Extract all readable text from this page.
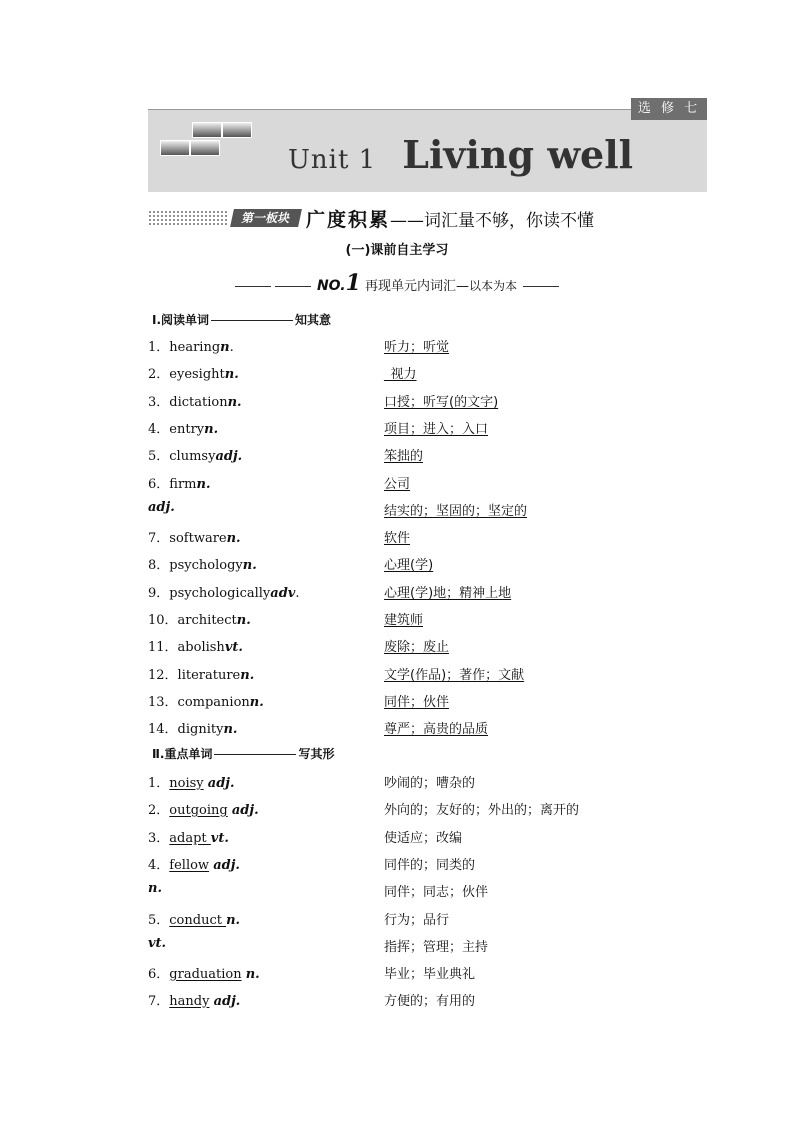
选 修 七
Unit 1 Living well
第一板块 广度积累——词汇量不够，你读不懂
(一)课前自主学习
NO.1 再现单元内词汇—以本为本
Ⅰ.阅读单词	知其意
1．hearingn.	听力；听觉
2．eyesightn.	_视力
3．dictationn.	口授；听写(的文字)
4．entryn.	项目；进入；入口
5．clumsyadj.	笨拙的
6．firmn.	公司
adj.	结实的；坚固的；坚定的
7．softwaren.	软件
8．psychologyn.	心理(学)
9．psychologicallyadv.	心理(学)地；精神上地
10．architectn.	建筑师
11．abolishvt.	废除；废止
12．literaturen.	文学(作品)；著作；文献
13．companionn.	同伴；伙伴
14．dignityn.	尊严；高贵的品质
Ⅱ.重点单词	写其形
1．noisy adj.	吵闹的；嘈杂的
2．outgoing adj.	外向的；友好的；外出的；离开的
3．adapt vt.	使适应；改编
4．fellow adj.	同伴的；同类的
n.	同伴；同志；伙伴
5．conduct n.	行为；品行
vt.	指挥；管理；主持
6．graduation n.	毕业；毕业典礼
7．handy adj.	方便的；有用的
